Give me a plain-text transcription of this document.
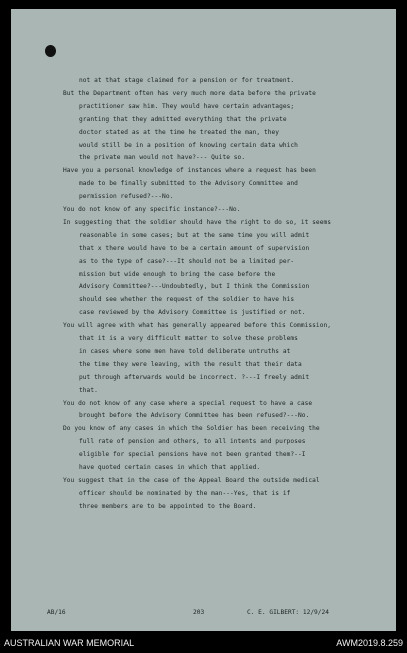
not at that stage claimed for a pension or for treatment.
But the Department often has very much more data before the private
practitioner saw him. They would have certain advantages;
granting that they admitted everything that the private
doctor stated as at the time he treated the man, they
would still be in a position of knowing certain data which
the private man would not have?--- Quite so.
Have you a personal knowledge of instances where a request has been
made to be finally submitted to the Advisory Committee and
permission refused?---No.
You do not know of any specific instance?---No.
In suggesting that the soldier should have the right to do so, it seems
reasonable in some cases; but at the same time you will admit
that x there would have to be a certain amount of supervision
as to the type of case?---It should not be a limited per-
mission but wide enough to bring the case before the
Advisory Committee?---Undoubtedly, but I think the Commission
should see whether the request of the soldier to have his
case reviewed by the Advisory Committee is justified or not.
You will agree with what has generally appeared before this Commission,
that it is a very difficult matter to solve these problems
in cases where some men have told deliberate untruths at
the time they were leaving, with the result that their data
put through afterwards would be incorrect. ?---I freely admit
that.
You do not know of any case where a special request to have a case
brought before the Advisory Committee has been refused?---No.
Do you know of any cases in which the Soldier has been receiving the
full rate of pension and others, to all intents and purposes
eligible for special pensions have not been granted them?--I
have quoted certain cases in which that applied.
You suggest that in the case of the Appeal Board the outside medical
officer should be nominated by the man---Yes, that is if
three members are to be appointed to the Board.
AB/16	203	C. E. GILBERT: 12/9/24
AUSTRALIAN WAR MEMORIAL	AWM2019.8.259
